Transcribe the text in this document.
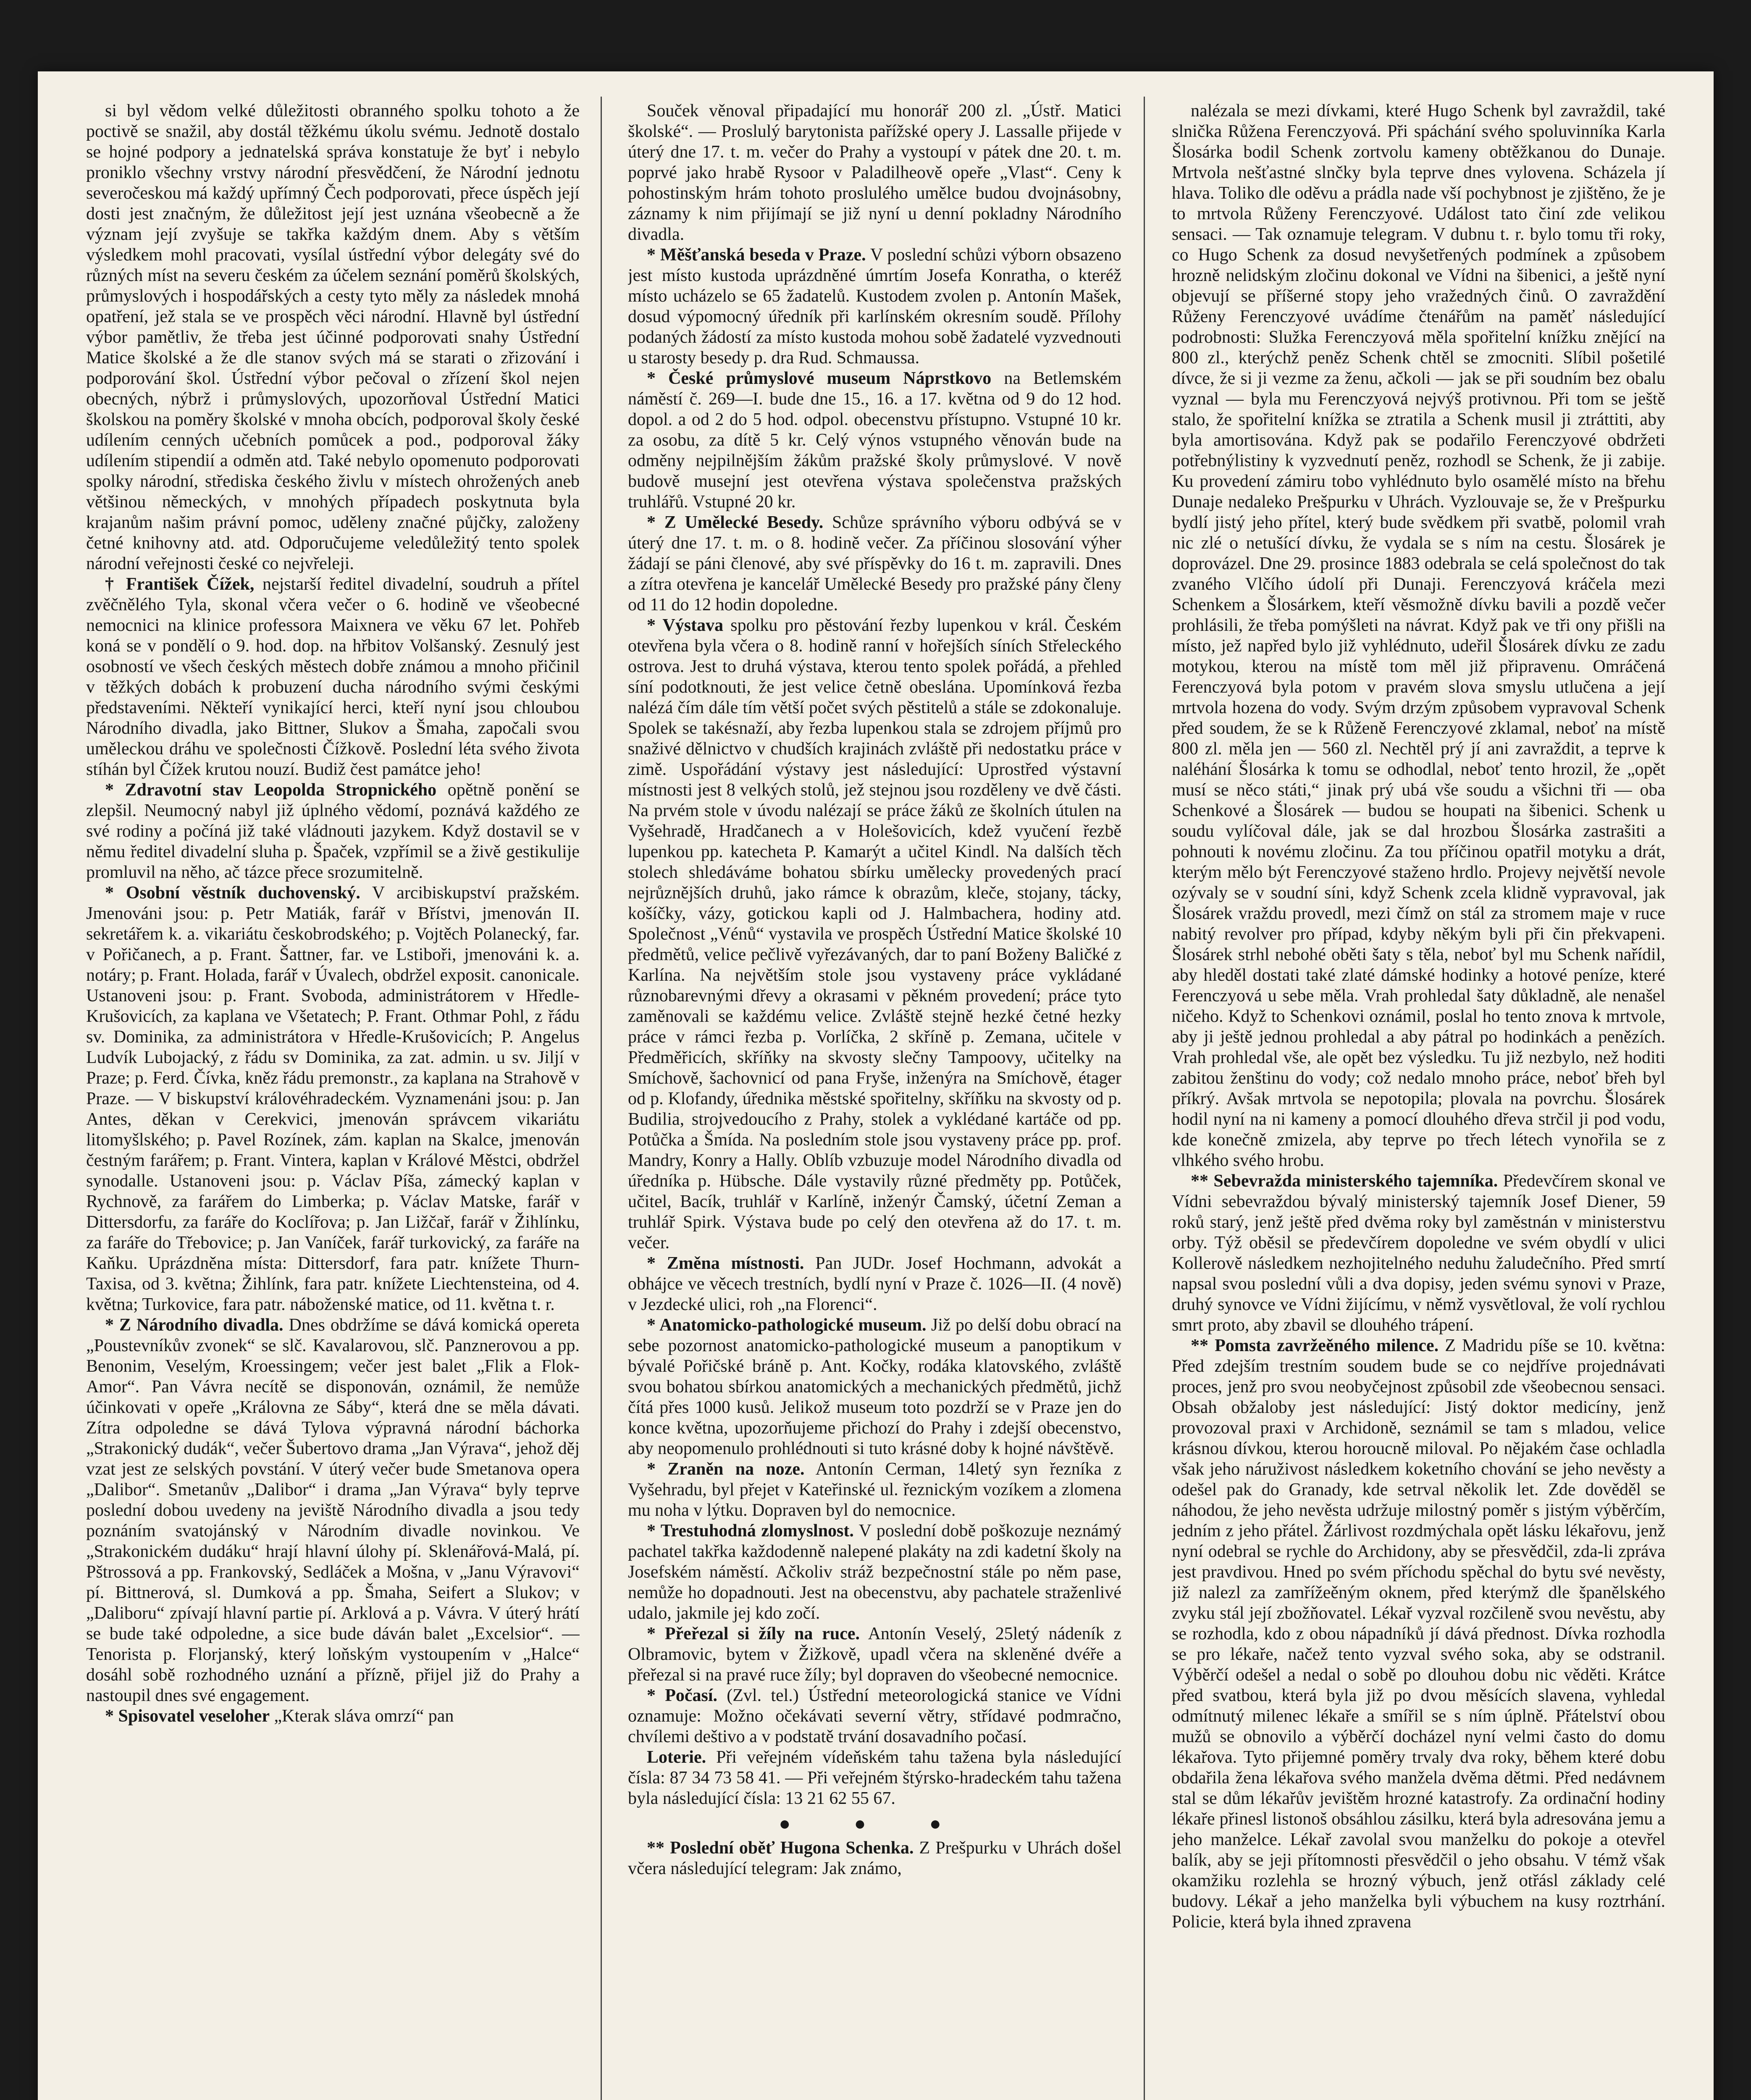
si byl vědom velké důležitosti obranného spolku tohoto a že poctivě se snažil, aby dostál těžkému úkolu svému. Jednotě dostalo se hojné podpory a jednatelská správa konstatuje že byť i nebylo proniklo všechny vrstvy národní přesvědčení, že Národní jednotu severočeskou má každý upřímný Čech podporovati, přece úspěch její dosti jest značným, že důležitost její jest uznána všeobecně a že význam její zvyšuje se takřka každým dnem. Aby s větším výsledkem mohl pracovati, vysílal ústřední výbor delegáty své do různých míst na severu českém za účelem seznání poměrů školských, průmyslových i hospodářských a cesty tyto měly za následek mnohá opatření, jež stala se ve prospěch věci národní. Hlavně byl ústřední výbor pamětliv, že třeba jest účinné podporovati snahy Ústřední Matice školské a že dle stanov svých má se starati o zřizování i podporování škol. Ústřední výbor pečoval o zřízení škol nejen obecných, nýbrž i průmyslových, upozorňoval Ústřední Matici školskou na poměry školské v mnoha obcích, podporoval školy české udílením cenných učebních pomůcek a pod., podporoval žáky udílením stipendií a odměn atd. Také nebylo opomenuto podporovati spolky národní, střediska českého živlu v místech ohrožených aneb většinou německých, v mnohých případech poskytnuta byla krajanům našim právní pomoc, uděleny značné půjčky, založeny četné knihovny atd. atd. Odporučujeme veledůležitý tento spolek národní veřejnosti české co nejvřeleji.

† František Čížek, nejstarší ředitel divadelní, soudruh a přítel zvěčnělého Tyla, skonal včera večer o 6. hodině ve všeobecné nemocnici na klinice professora Maixnera ve věku 67 let. Pohřeb koná se v pondělí o 9. hod. dop. na hřbitov Volšanský. Zesnulý jest osobností ve všech českých městech dobře známou a mnoho přičinil v těžkých dobách k probuzení ducha národního svými českými představeními. Někteří vynikající herci, kteří nyní jsou chloubou Národního divadla, jako Bittner, Slukov a Šmaha, započali svou uměleckou dráhu ve společnosti Čížkově. Poslední léta svého života stíhán byl Čížek krutou nouzí. Budiž čest památce jeho!

* Zdravotní stav Leopolda Stropnického opětně ponění se zlepšil. Neumocný nabyl již úplného vědomí, poznává každého ze své rodiny a počíná již také vládnouti jazykem. Když dostavil se v němu ředitel divadelní sluha p. Špaček, vzpřímil se a živě gestikulije promluvil na něho, ač tázce přece srozumitelně.

* Osobní věstník duchovenský. V arcibiskupství pražském. Jmenováni jsou: p. Petr Matiák, farář v Břístvi, jmenován II. sekretářem k. a. vikariátu českobrodského; p. Vojtěch Polanecký, far. v Pořičanech, a p. Frant. Šattner, far. ve Lstiboři, jmenováni k. a. notáry; p. Frant. Holada, farář v Úvalech, obdržel exposit. canonicale. Ustanoveni jsou: p. Frant. Svoboda, administrátorem v Hředle-Krušovicích, za kaplana ve Všetatech; P. Frant. Othmar Pohl, z řádu sv. Dominika, za administrátora v Hředle-Krušovicích; P. Angelus Ludvík Lubojacký, z řádu sv Dominika, za zat. admin. u sv. Jiljí v Praze; p. Ferd. Čívka, kněz řádu premonstr., za kaplana na Strahově v Praze. — V biskupství královéhradeckém. Vyznamenáni jsou: p. Jan Antes, děkan v Cerekvici, jmenován správcem vikariátu litomyšlského; p. Pavel Rozínek, zám. kaplan na Skalce, jmenován čestným farářem; p. Frant. Vintera, kaplan v Králové Městci, obdržel synodalle. Ustanoveni jsou: p. Václav Píša, zámecký kaplan v Rychnově, za farářem do Limberka; p. Václav Matske, farář v Dittersdorfu, za faráře do Koclířova; p. Jan Ližčař, farář v Žihlínku, za faráře do Třebovice; p. Jan Vaníček, farář turkovický, za faráře na Kaňku. Uprázdněna místa: Dittersdorf, fara patr. knížete Thurn-Taxisa, od 3. května; Žihlínk, fara patr. knížete Liechtensteina, od 4. května; Turkovice, fara patr. náboženské matice, od 11. května t. r.

* Z Národního divadla. Dnes obdržíme se dává komická opereta „Poustevníkův zvonek“ se slč. Kavalarovou, slč. Panznerovou a pp. Benonim, Veselým, Kroessingem; večer jest balet „Flik a Flok-Amor“. Pan Vávra necítě se disponován, oznámil, že nemůže účinkovati v opeře „Královna ze Sáby“, která dne se měla dávati. Zítra odpoledne se dává Tylova výpravná národní báchorka „Strakonický dudák“, večer Šubertovo drama „Jan Výrava“, jehož děj vzat jest ze selských povstání. V úterý večer bude Smetanova opera „Dalibor“. Smetanův „Dalibor“ i drama „Jan Výrava“ byly teprve poslední dobou uvedeny na jeviště Národního divadla a jsou tedy poznáním svatojánský v Národním divadle novinkou. Ve „Strakonickém dudáku“ hrají hlavní úlohy pí. Sklenářová-Malá, pí. Pštrossová a pp. Frankovský, Sedláček a Mošna, v „Janu Výravovi“ pí. Bittnerová, sl. Dumková a pp. Šmaha, Seifert a Slukov; v „Daliboru“ zpívají hlavní partie pí. Arklová a p. Vávra. V úterý hrátí se bude také odpoledne, a sice bude dáván balet „Excelsior“. — Tenorista p. Florjanský, který loňským vystoupením v „Halce“ dosáhl sobě rozhodného uznání a přízně, přijel již do Prahy a nastoupil dnes své engagement.

* Spisovatel veseloher „Kterak sláva omrzí“ pan

Souček věnoval připadající mu honorář 200 zl. „Ústř. Matici školské“. — Proslulý barytonista pařížské opery J. Lassalle přijede v úterý dne 17. t. m. večer do Prahy a vystoupí v pátek dne 20. t. m. poprvé jako hrabě Rysoor v Paladilheově opeře „Vlast“. Ceny k pohostinským hrám tohoto proslulého umělce budou dvojnásobny, záznamy k nim přijímají se již nyní u denní pokladny Národního divadla.

* Měšťanská beseda v Praze. V poslední schůzi výborn obsazeno jest místo kustoda uprázdněné úmrtím Josefa Konratha, o kteréž místo ucházelo se 65 žadatelů. Kustodem zvolen p. Antonín Mašek, dosud výpomocný úředník při karlínském okresním soudě. Přílohy podaných žádostí za místo kustoda mohou sobě žadatelé vyzvednouti u starosty besedy p. dra Rud. Schmaussa.

* České průmyslové museum Náprstkovo na Betlemském náměstí č. 269—I. bude dne 15., 16. a 17. května od 9 do 12 hod. dopol. a od 2 do 5 hod. odpol. obecenstvu přístupno. Vstupné 10 kr. za osobu, za dítě 5 kr. Celý výnos vstupného věnován bude na odměny nejpilnějším žákům pražské školy průmyslové. V nově budově musejní jest otevřena výstava společenstva pražských truhlářů. Vstupné 20 kr.

* Z Umělecké Besedy. Schůze správního výboru odbývá se v úterý dne 17. t. m. o 8. hodině večer. Za příčinou slosování výher žádají se páni členové, aby své příspěvky do 16 t. m. zapravili. Dnes a zítra otevřena je kancelář Umělecké Besedy pro pražské pány členy od 11 do 12 hodin dopoledne.

* Výstava spolku pro pěstování řezby lupenkou v král. Českém otevřena byla včera o 8. hodině ranní v hořejších síních Střeleckého ostrova. Jest to druhá výstava, kterou tento spolek pořádá, a přehled síní podotknouti, že jest velice četně obeslána. Upomínková řezba nalézá čím dále tím větší počet svých pěstitelů a stále se zdokonaluje. Spolek se takésnaží, aby řezba lupenkou stala se zdrojem příjmů pro snaživé dělnictvo v chudších krajinách zvláště při nedostatku práce v zimě. Uspořádání výstavy jest následující: Uprostřed výstavní místnosti jest 8 velkých stolů, jež stejnou jsou rozděleny ve dvě části. Na prvém stole v úvodu nalézají se práce žáků ze školních útulen na Vyšehradě, Hradčanech a v Holešovicích, kdež vyučení řezbě lupenkou pp. katecheta P. Kamarýt a učitel Kindl. Na dalších těch stolech shledáváme bohatou sbírku umělecky provedených prací nejrůznějších druhů, jako rámce k obrazům, kleče, stojany, tácky, košíčky, vázy, gotickou kapli od J. Halmbachera, hodiny atd. Společnost „Vénů“ vystavila ve prospěch Ústřední Matice školské 10 předmětů, velice pečlivě vyřezávaných, dar to paní Boženy Baličké z Karlína. Na největším stole jsou vystaveny práce vykládané různobarevnými dřevy a okrasami v pěkném provedení; práce tyto zaměnovali se každému velice. Zvláště stejně hezké četné hezky práce v rámci řezba p. Vorlíčka, 2 skříně p. Zemana, učitele v Předměřicích, skříňky na skvosty slečny Tampoovy, učitelky na Smíchově, šachovnicí od pana Fryše, inženýra na Smíchově, étager od p. Klofandy, úřednika městské spořitelny, skříňku na skvosty od p. Budilia, strojvedoucího z Prahy, stolek a vyklédané kartáče od pp. Potůčka a Šmída. Na posledním stole jsou vystaveny práce pp. prof. Mandry, Konry a Hally. Oblíb vzbuzuje model Národního divadla od úředníka p. Hübsche. Dále vystavily různé předměty pp. Potůček, učitel, Bacík, truhlář v Karlíně, inženýr Čamský, účetní Zeman a truhlář Spirk. Výstava bude po celý den otevřena až do 17. t. m. večer.

* Změna místnosti. Pan JUDr. Josef Hochmann, advokát a obhájce ve věcech trestních, bydlí nyní v Praze č. 1026—II. (4 nově) v Jezdecké ulici, roh „na Florenci“.

* Anatomicko-pathologické museum. Již po delší dobu obrací na sebe pozornost anatomicko-pathologické museum a panoptikum v bývalé Pořičské bráně p. Ant. Kočky, rodáka klatovského, zvláště svou bohatou sbírkou anatomických a mechanických předmětů, jichž čítá přes 1000 kusů. Jelikož museum toto pozdrží se v Praze jen do konce května, upozorňujeme přichozí do Prahy i zdejší obecenstvo, aby neopomenulo prohlédnouti si tuto krásné doby k hojné návštěvě.

* Zraněn na noze. Antonín Cerman, 14letý syn řezníka z Vyšehradu, byl přejet v Kateřinské ul. řeznickým vozíkem a zlomena mu noha v lýtku. Dopraven byl do nemocnice.

* Trestuhodná zlomyslnost. V poslední době poškozuje neznámý pachatel takřka každodenně nalepené plakáty na zdi kadetní školy na Josefském náměstí. Ačkoliv stráž bezpečnostní stále po něm pase, nemůže ho dopadnouti. Jest na obecenstvu, aby pachatele straženlivé udalo, jakmile jej kdo zočí.

* Přeřezal si žíly na ruce. Antonín Veselý, 25letý nádeník z Olbramovic, bytem v Žižkově, upadl včera na skleněné dvéře a přeřezal si na pravé ruce žíly; byl dopraven do všeobecné nemocnice.

* Počasí. (Zvl. tel.) Ústřední meteorologická stanice ve Vídni oznamuje: Možno očekávati severní větry, střídavé podmračno, chvílemi deštivo a v podstatě trvání dosavadního počasí.

Loterie. Při veřejném vídeňském tahu tažena byla následující čísla: 87 34 73 58 41. — Při veřejném štýrsko-hradeckém tahu tažena byla následující čísla: 13 21 62 55 67.

● ● ●

** Poslední oběť Hugona Schenka. Z Prešpurku v Uhrách došel včera následující telegram: Jak známo,

nalézala se mezi dívkami, které Hugo Schenk byl zavraždil, také slnička Růžena Ferenczyová. Při spáchání svého spoluvinníka Karla Šlosárka bodil Schenk zortvolu kameny obtěžkanou do Dunaje. Mrtvola nešťastné slnčky byla teprve dnes vylovena. Scházela jí hlava. Toliko dle oděvu a prádla nade vší pochybnost je zjištěno, že je to mrtvola Růženy Ferenczyové. Událost tato činí zde velikou sensaci. — Tak oznamuje telegram. V dubnu t. r. bylo tomu tři roky, co Hugo Schenk za dosud nevyšetřených podmínek a způsobem hrozně nelidským zločinu dokonal ve Vídni na šibenici, a ještě nyní objevují se příšerné stopy jeho vražedných činů. O zavraždění Růženy Ferenczyové uvádíme čtenářům na paměť následující podrobnosti: Služka Ferenczyová měla spořitelní knížku znějící na 800 zl., kterýchž peněz Schenk chtěl se zmocniti. Slíbil pošetilé dívce, že si ji vezme za ženu, ačkoli — jak se při soudním bez obalu vyznal — byla mu Ferenczyová nejvýš protivnou. Při tom se ještě stalo, že spořitelní knížka se ztratila a Schenk musil ji ztráttiti, aby byla amortisována. Když pak se podařilo Ferenczyové obdržeti potřebnýlistiny k vyzvednutí peněz, rozhodl se Schenk, že ji zabije. Ku provedení zámiru tobo vyhlédnuto bylo osamělé místo na břehu Dunaje nedaleko Prešpurku v Uhrách. Vyzlouvaje se, že v Prešpurku bydlí jistý jeho přítel, který bude svědkem při svatbě, polomil vrah nic zlé o netušící dívku, že vydala se s ním na cestu. Šlosárek je doprovázel. Dne 29. prosince 1883 odebrala se celá společnost do tak zvaného Vlčího údolí při Dunaji. Ferenczyová kráčela mezi Schenkem a Šlosárkem, kteří věsmožně dívku bavili a pozdě večer prohlásili, že třeba pomýšleti na návrat. Když pak ve tři ony přišli na místo, jež napřed bylo již vyhlédnuto, udeřil Šlosárek dívku ze zadu motykou, kterou na místě tom měl již připravenu. Omráčená Ferenczyová byla potom v pravém slova smyslu utlučena a její mrtvola hozena do vody. Svým drzým způsobem vypravoval Schenk před soudem, že se k Růženě Ferenczyové zklamal, neboť na místě 800 zl. měla jen — 560 zl. Nechtěl prý jí ani zavraždit, a teprve k naléhání Šlosárka k tomu se odhodlal, neboť tento hrozil, že „opět musí se něco státi,“ jinak prý ubá vše soudu a všichni tři — oba Schenkové a Šlosárek — budou se houpati na šibenici. Schenk u soudu vylíčoval dále, jak se dal hrozbou Šlosárka zastrašiti a pohnouti k novému zločinu. Za tou příčinou opatřil motyku a drát, kterým mělo být Ferenczyové staženo hrdlo. Projevy největší nevole ozývaly se v soudní síni, když Schenk zcela klidně vypravoval, jak Šlosárek vraždu provedl, mezi čímž on stál za stromem maje v ruce nabitý revolver pro případ, kdyby někým byli při čin překvapeni. Šlosárek strhl nebohé oběti šaty s těla, neboť byl mu Schenk nařídil, aby hleděl dostati také zlaté dámské hodinky a hotové peníze, které Ferenczyová u sebe měla. Vrah prohledal šaty důkladně, ale nenašel ničeho. Když to Schenkovi oznámil, poslal ho tento znova k mrtvole, aby ji ještě jednou prohledal a aby pátral po hodinkách a penězích. Vrah prohledal vše, ale opět bez výsledku. Tu již nezbylo, než hoditi zabitou ženštinu do vody; což nedalo mnoho práce, neboť břeh byl příkrý. Avšak mrtvola se nepotopila; plovala na povrchu. Šlosárek hodil nyní na ni kameny a pomocí dlouhého dřeva strčil ji pod vodu, kde konečně zmizela, aby teprve po třech létech vynořila se z vlhkého svého hrobu.

** Sebevražda ministerského tajemníka. Předevčírem skonal ve Vídni sebevraždou bývalý ministerský tajemník Josef Diener, 59 roků starý, jenž ještě před dvěma roky byl zaměstnán v ministerstvu orby. Týž oběsil se předevčírem dopoledne ve svém obydlí v ulici Kollerově následkem nezhojitelného neduhu žaludečního. Před smrtí napsal svou poslední vůli a dva dopisy, jeden svému synovi v Praze, druhý synovce ve Vídni žijícímu, v němž vysvětloval, že volí rychlou smrt proto, aby zbavil se dlouhého trápení.

** Pomsta zavržeěného milence. Z Madridu píše se 10. května: Před zdejším trestním soudem bude se co nejdříve projednávati proces, jenž pro svou neobyčejnost způsobil zde všeobecnou sensaci. Obsah obžaloby jest následující: Jistý doktor medicíny, jenž provozoval praxi v Archidoně, seznámil se tam s mladou, velice krásnou dívkou, kterou horoucně miloval. Po nějakém čase ochladla však jeho náruživost následkem koketního chování se jeho nevěsty a odešel pak do Granady, kde setrval několik let. Zde dověděl se náhodou, že jeho nevěsta udržuje milostný poměr s jistým výběrčím, jedním z jeho přátel. Žárlivost rozdmýchala opět lásku lékařovu, jenž nyní odebral se rychle do Archidony, aby se přesvědčil, zda-li zpráva jest pravdivou. Hned po svém příchodu spěchal do bytu své nevěsty, již nalezl za zamřížeěným oknem, před kterýmž dle španělského zvyku stál její zbožňovatel. Lékař vyzval rozčileně svou nevěstu, aby se rozhodla, kdo z obou nápadníků jí dává přednost. Dívka rozhodla se pro lékaře, načež tento vyzval svého soka, aby se odstranil. Výběrčí odešel a nedal o sobě po dlouhou dobu nic věděti. Krátce před svatbou, která byla již po dvou měsících slavena, vyhledal odmítnutý milenec lékaře a smířil se s ním úplně. Přátelství obou mužů se obnovilo a výběrčí docházel nyní velmi často do domu lékařova. Tyto přijemné poměry trvaly dva roky, během které dobu obdařila žena lékařova svého manžela dvěma dětmi. Před nedávnem stal se dům lékařův jevištěm hrozné katastrofy. Za ordinační hodiny lékaře přinesl listonoš obsáhlou zásilku, která byla adresována jemu a jeho manželce. Lékař zavolal svou manželku do pokoje a otevřel balík, aby se jeji přítomnosti přesvědčil o jeho obsahu. V témž však okamžiku rozlehla se hrozný výbuch, jenž otřásl základy celé budovy. Lékař a jeho manželka byli výbuchem na kusy roztrhání. Policie, která byla ihned zpravena
